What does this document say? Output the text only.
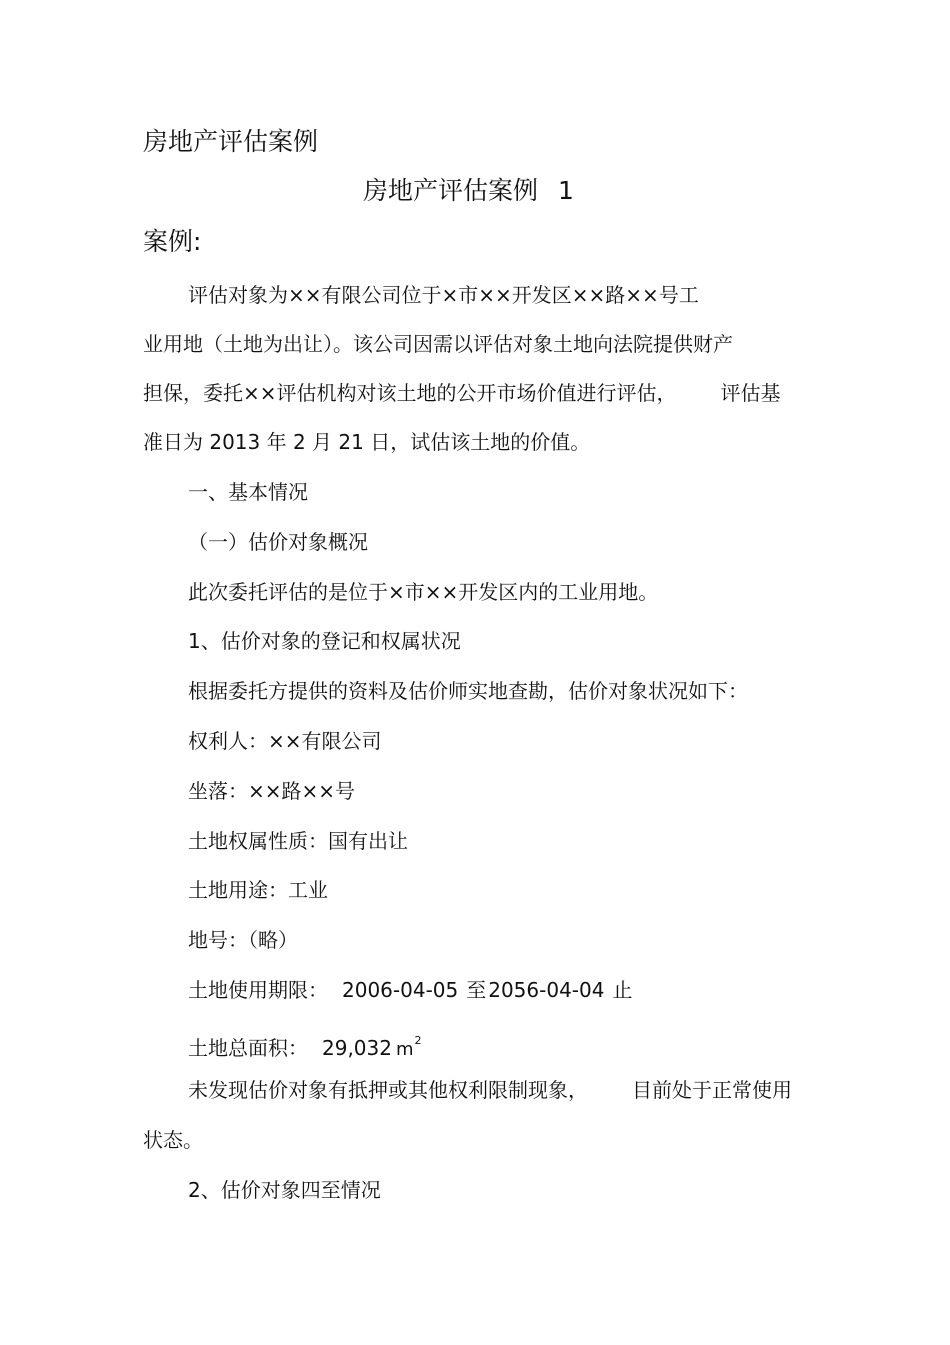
房地产评估案例
房地产评估案例 1
案例:
评估对象为××有限公司位于×市××开发区××路××号工
业用地（土地为出让）。该公司因需以评估对象土地向法院提供财产
担保，委托××评估机构对该土地的公开市场价值进行评估， 评估基
准日为 2013 年 2 月 21 日，试估该土地的价值。
一、基本情况
（一）估价对象概况
此次委托评估的是位于×市××开发区内的工业用地。
1、估价对象的登记和权属状况
根据委托方提供的资料及估价师实地查勘，估价对象状况如下：
权利人：××有限公司
坐落：××路××号
土地权属性质：国有出让
土地用途：工业
地号：（略）
土地使用期限： 2006-04-05 至 2056-04-04 止
土地总面积： 29,032 $m^2$
未发现估价对象有抵押或其他权利限制现象， 目前处于正常使用
状态。
2、估价对象四至情况
